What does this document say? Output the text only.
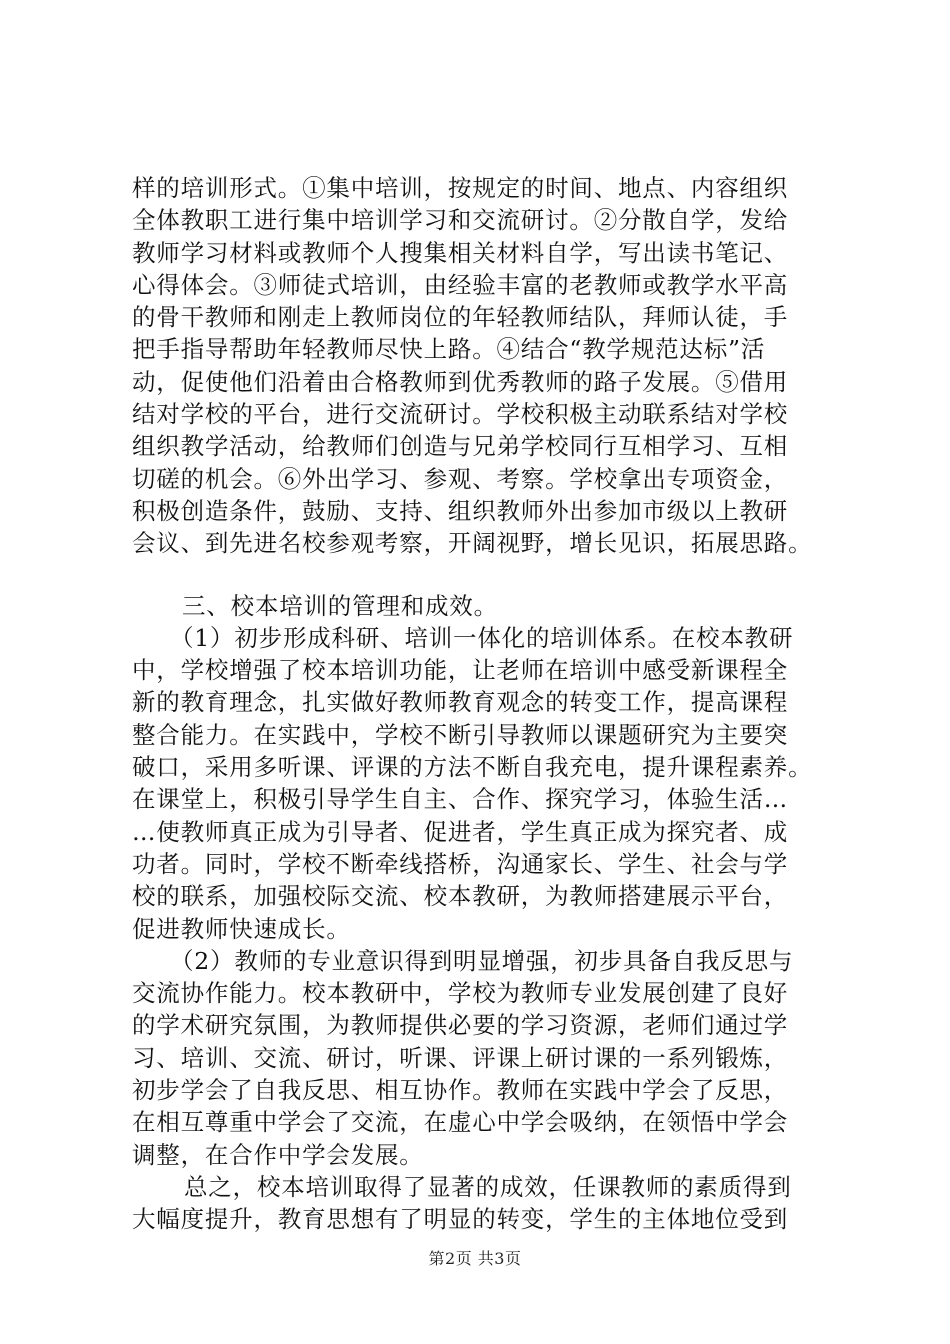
样的培训形式。①集中培训，按规定的时间、地点、内容组织
全体教职工进行集中培训学习和交流研讨。②分散自学，发给
教师学习材料或教师个人搜集相关材料自学，写出读书笔记、
心得体会。③师徒式培训，由经验丰富的老教师或教学水平高
的骨干教师和刚走上教师岗位的年轻教师结队，拜师认徒，手
把手指导帮助年轻教师尽快上路。④结合“教学规范达标”活
动，促使他们沿着由合格教师到优秀教师的路子发展。⑤借用
结对学校的平台，进行交流研讨。学校积极主动联系结对学校
组织教学活动，给教师们创造与兄弟学校同行互相学习、互相
切磋的机会。⑥外出学习、参观、考察。学校拿出专项资金，
积极创造条件，鼓励、支持、组织教师外出参加市级以上教研
会议、到先进名校参观考察，开阔视野，增长见识，拓展思路。
三、校本培训的管理和成效。
（1）初步形成科研、培训一体化的培训体系。在校本教研
中，学校增强了校本培训功能，让老师在培训中感受新课程全
新的教育理念，扎实做好教师教育观念的转变工作，提高课程
整合能力。在实践中，学校不断引导教师以课题研究为主要突
破口，采用多听课、评课的方法不断自我充电，提升课程素养。
在课堂上，积极引导学生自主、合作、探究学习，体验生活…
…使教师真正成为引导者、促进者，学生真正成为探究者、成
功者。同时，学校不断牵线搭桥，沟通家长、学生、社会与学
校的联系，加强校际交流、校本教研，为教师搭建展示平台，
促进教师快速成长。
（2）教师的专业意识得到明显增强，初步具备自我反思与
交流协作能力。校本教研中，学校为教师专业发展创建了良好
的学术研究氛围，为教师提供必要的学习资源，老师们通过学
习、培训、交流、研讨，听课、评课上研讨课的一系列锻炼，
初步学会了自我反思、相互协作。教师在实践中学会了反思，
在相互尊重中学会了交流，在虚心中学会吸纳，在领悟中学会
调整，在合作中学会发展。
总之，校本培训取得了显著的成效，任课教师的素质得到
大幅度提升，教育思想有了明显的转变，学生的主体地位受到
第2页 共3页
